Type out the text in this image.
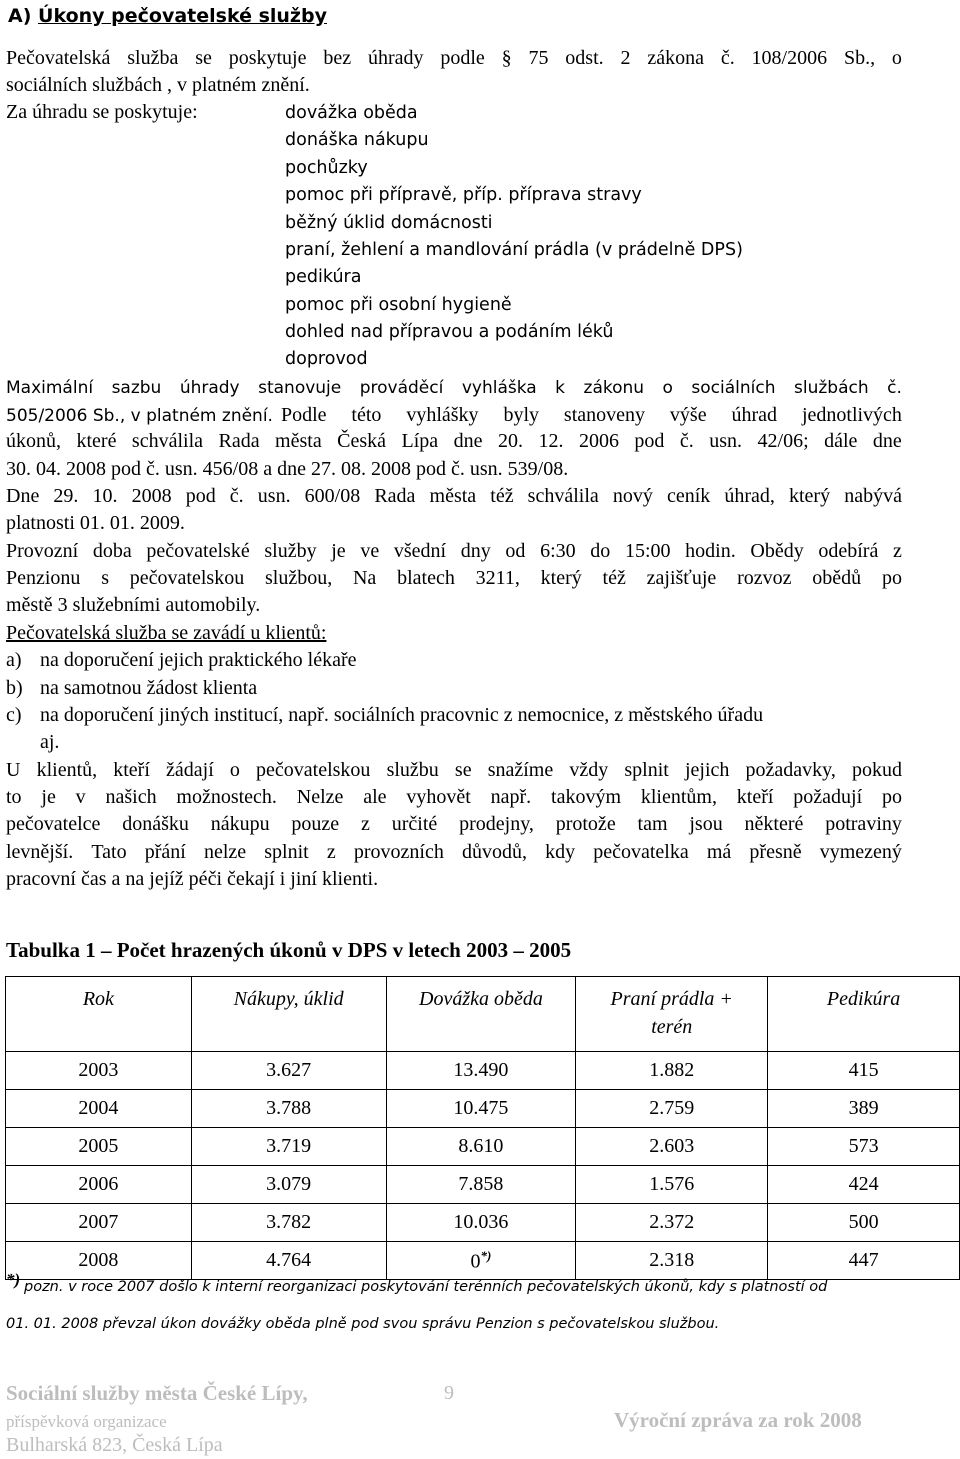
A) Úkony pečovatelské služby
Pečovatelská služba se poskytuje bez úhrady podle § 75 odst. 2 zákona č. 108/2006 Sb., o
sociálních službách , v platném znění.
Za úhradu se poskytuje:	dovážka oběda
donáška nákupu
pochůzky
pomoc při přípravě, příp. příprava stravy
běžný úklid domácnosti
praní, žehlení a mandlování prádla (v prádelně DPS)
pedikúra
pomoc při osobní hygieně
dohled nad přípravou a podáním léků
doprovod
Maximální sazbu úhrady stanovuje prováděcí vyhláška k zákonu o sociálních službách č.
505/2006 Sb., v platném znění. Podle této vyhlášky byly stanoveny výše úhrad jednotlivých
úkonů, které schválila Rada města Česká Lípa dne 20. 12. 2006 pod č. usn. 42/06; dále dne
30. 04. 2008 pod č. usn. 456/08 a dne 27. 08. 2008 pod č. usn. 539/08.
Dne 29. 10. 2008 pod č. usn. 600/08 Rada města též schválila nový ceník úhrad, který nabývá
platnosti 01. 01. 2009.
Provozní doba pečovatelské služby je ve všední dny od 6:30 do 15:00 hodin. Obědy odebírá z
Penzionu s pečovatelskou službou, Na blatech 3211, který též zajišťuje rozvoz obědů po
městě 3 služebními automobily.
Pečovatelská služba se zavádí u klientů:
a) na doporučení jejich praktického lékaře
b) na samotnou žádost klienta
c) na doporučení jiných institucí, např. sociálních pracovnic z nemocnice, z městského úřadu
aj.
U klientů, kteří žádají o pečovatelskou službu se snažíme vždy splnit jejich požadavky, pokud
to je v našich možnostech. Nelze ale vyhovět např. takovým klientům, kteří požadují po
pečovatelce donášku nákupu pouze z určité prodejny, protože tam jsou některé potraviny
levnější. Tato přání nelze splnit z provozních důvodů, kdy pečovatelka má přesně vymezený
pracovní čas a na jejíž péči čekají i jiní klienti.
Tabulka 1 – Počet hrazených úkonů v DPS v letech 2003 – 2005
Rok	Nákupy, úklid	Dovážka oběda	Praní prádla + terén	Pedikúra
2003	3.627	13.490	1.882	415
2004	3.788	10.475	2.759	389
2005	3.719	8.610	2.603	573
2006	3.079	7.858	1.576	424
2007	3.782	10.036	2.372	500
2008	4.764	0*)	2.318	447
*) pozn. v roce 2007 došlo k interní reorganizaci poskytování terénních pečovatelských úkonů, kdy s platností od
01. 01. 2008 převzal úkon dovážky oběda plně pod svou správu Penzion s pečovatelskou službou.
Sociální služby města České Lípy,	9
příspěvková organizace	Výroční zpráva za rok 2008
Bulharská 823, Česká Lípa
